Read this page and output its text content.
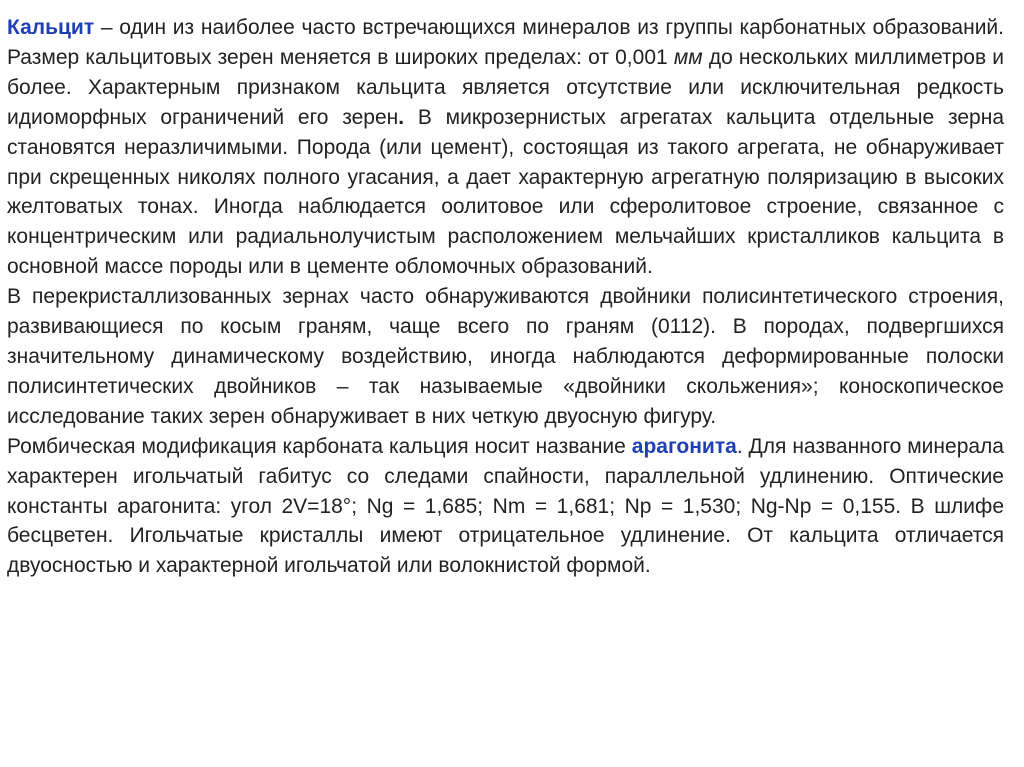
Кальцит – один из наиболее часто встречающихся минералов из группы карбонатных образований. Размер кальцитовых зерен меняется в широких пределах: от 0,001 мм до нескольких миллиметров и более. Характерным признаком кальцита является отсутствие или исключительная редкость идиоморфных ограничений его зерен. В микрозернистых агрегатах кальцита отдельные зерна становятся неразличимыми. Порода (или цемент), состоящая из такого агрегата, не обнаруживает при скрещенных николях полного угасания, а дает характерную агрегатную поляризацию в высоких желтоватых тонах. Иногда наблюдается оолитовое или сферолитовое строение, связанное с концентрическим или радиальнолучистым расположением мельчайших кристалликов кальцита в основной массе породы или в цементе обломочных образований.

В перекристаллизованных зернах часто обнаруживаются двойники полисинтетического строения, развивающиеся по косым граням, чаще всего по граням (0112). В породах, подвергшихся значительному динамическому воздействию, иногда наблюдаются деформированные полоски полисинтетических двойников – так называемые «двойники скольжения»; коноскопическое исследование таких зерен обнаруживает в них четкую двуосную фигуру.

Ромбическая модификация карбоната кальция носит название арагонита. Для названного минерала характерен игольчатый габитус со следами спайности, параллельной удлинению. Оптические константы арагонита: угол 2V=18°; Ng = 1,685; Nm = 1,681; Np = 1,530; Ng-Np = 0,155. В шлифе бесцветен. Игольчатые кристаллы имеют отрицательное удлинение. От кальцита отличается двуосностью и характерной игольчатой или волокнистой формой.
